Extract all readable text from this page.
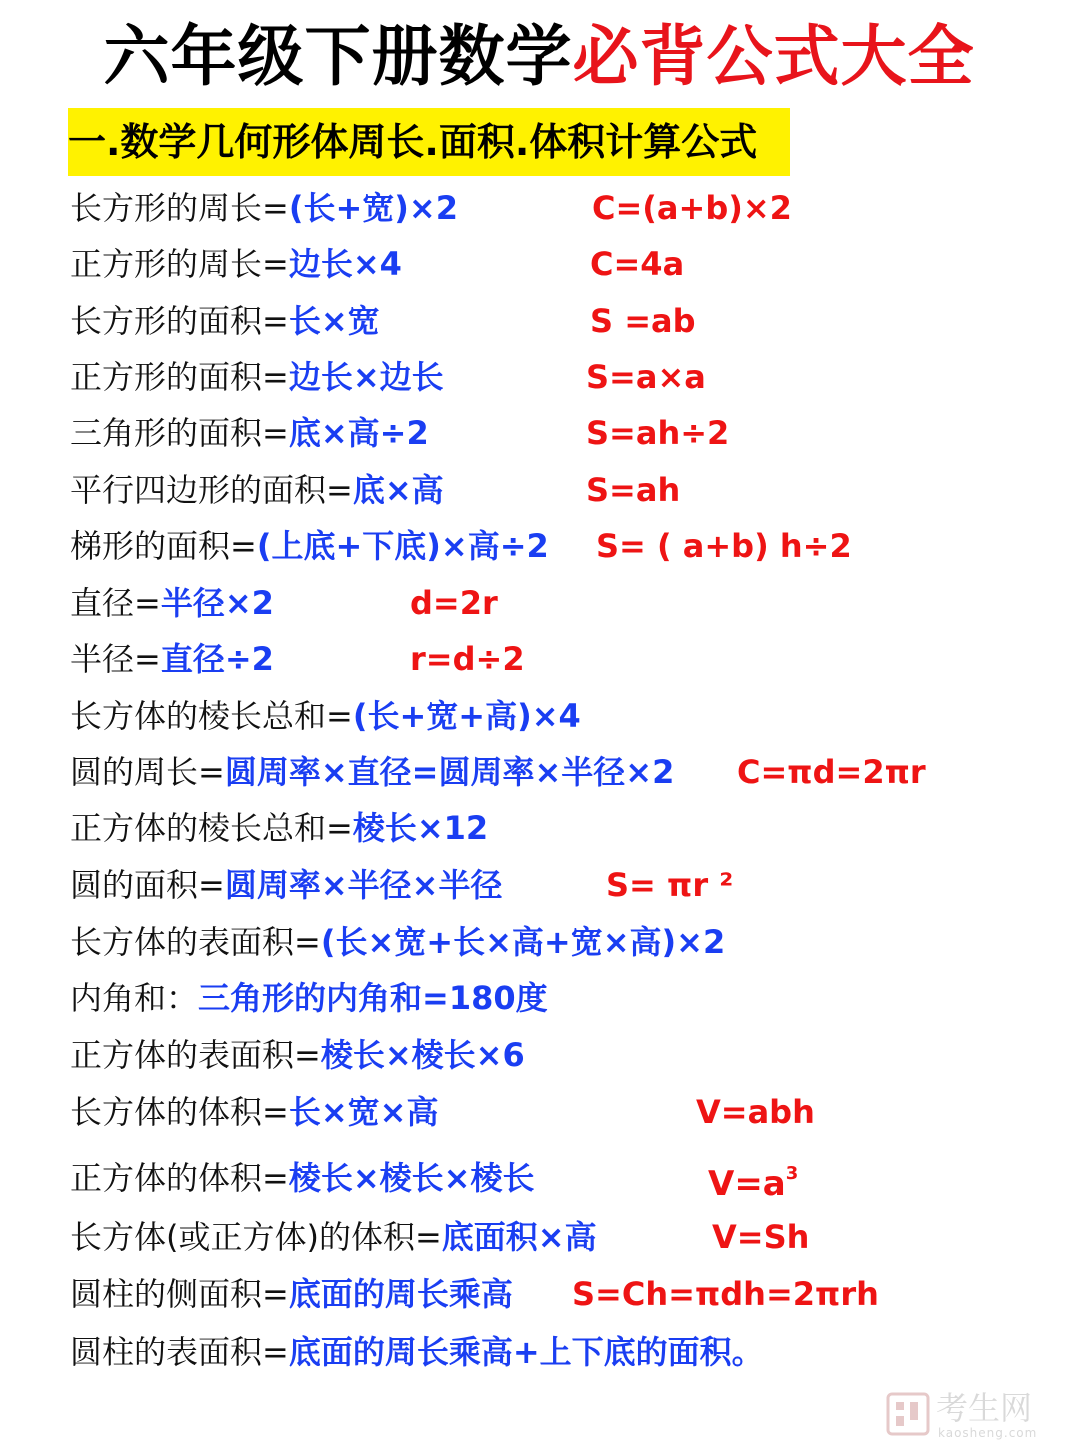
六年级下册数学必背公式大全
一.数学几何形体周长.面积.体积计算公式
长方形的周长=(长+宽)×2	C=(a+b)×2
正方形的周长=边长×4	C=4a
长方形的面积=长×宽	S =ab
正方形的面积=边长×边长	S=a×a
三角形的面积=底×高÷2	S=ah÷2
平行四边形的面积=底×高	S=ah
梯形的面积=(上底+下底)×高÷2 S= ( a+b) h÷2
直径=半径×2	d=2r
半径=直径÷2	r=d÷2
长方体的棱长总和=(长+宽+高)×4
圆的周长=圆周率×直径=圆周率×半径×2 C=πd=2πr
正方体的棱长总和=棱长×12
圆的面积=圆周率×半径×半径	S= πr ²
长方体的表面积=(长×宽+长×高+宽×高)×2
内角和：三角形的内角和=180度
正方体的表面积=棱长×棱长×6
长方体的体积=长×宽×高	V=abh
正方体的体积=棱长×棱长×棱长	$V=a^3$
长方体(或正方体)的体积=底面积×高	V=Sh
圆柱的侧面积=底面的周长乘高 S=Ch=πdh=2πrh
圆柱的表面积=底面的周长乘高+上下底的面积。
考生网
kaosheng.com
